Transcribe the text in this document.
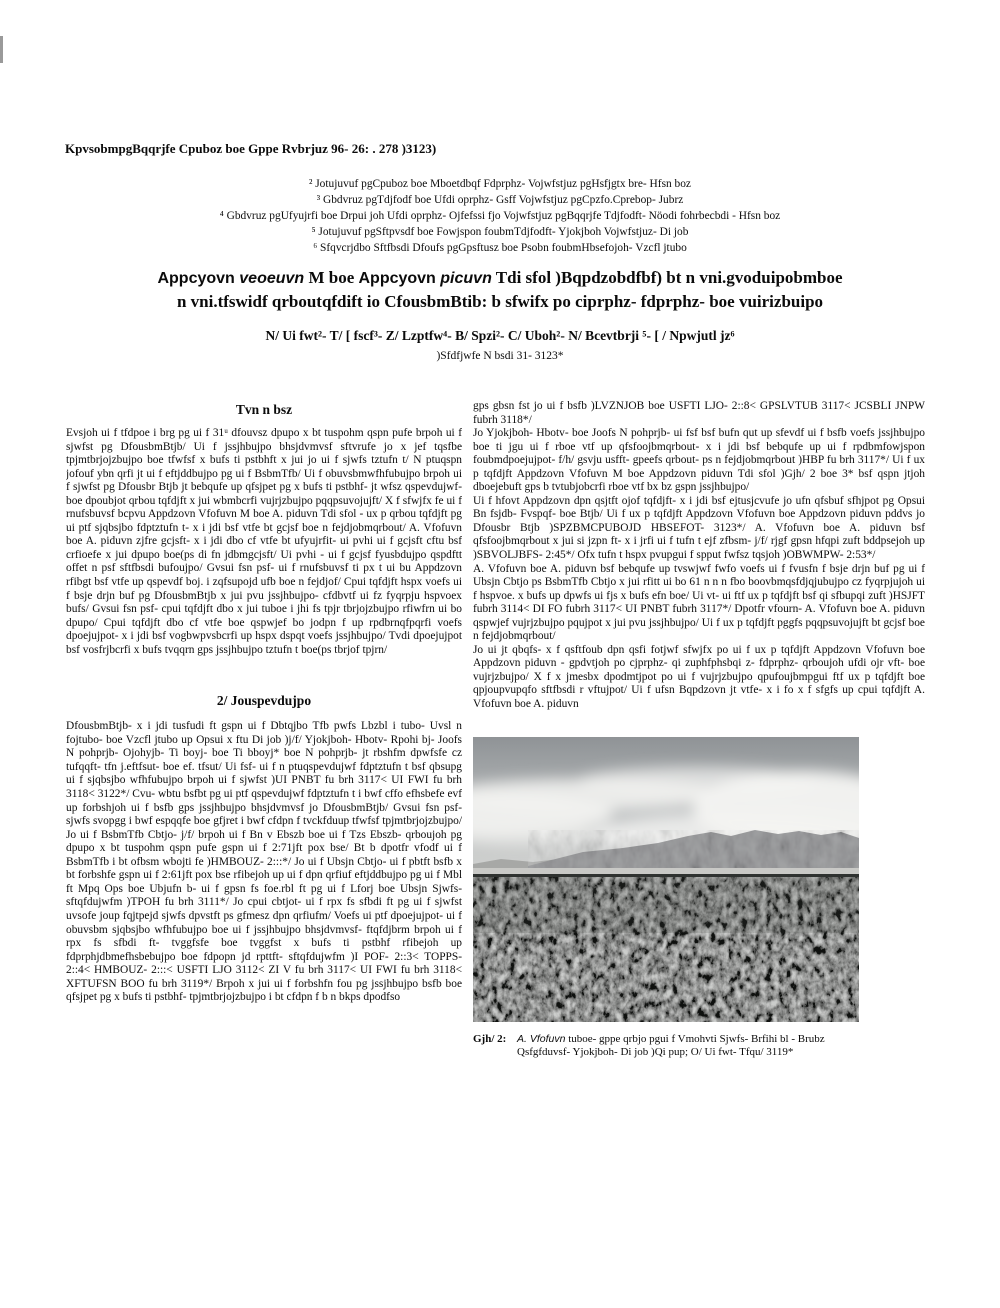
KpvsobmpgBqqrjfe Cpuboz boe Gppe Rvbrjuz 96- 26: . 278 )3123)
² Jotujuvuf pgCpuboz boe Mboetdbqf Fdprphz- Vojwfstjuz pgHsfjgtx bre- Hfsn boz
³ Gbdvruz pgTdjfodf boe Ufdi oprphz- Gsff Vojwfstjuz pgCpzfo.Cprebop- Jubrz
⁴ Gbdvruz pgUfyujrfi boe Drpui joh Ufdi oprphz- Ojfefssi fjo Vojwfstjuz pgBqqrjfe Tdjfodft- Nöodi fohrbecbdi - Hfsn boz
⁵ Jotujuvuf pgSftpvsdf boe Fowjspon foubmTdjfodft- Yjokjboh Vojwfstjuz- Di job
⁶ Sfqvcrjdbo Sftfbsdi Dfoufs pgGpsftusz boe Psobn foubmHbsefojoh- Vzcfl jtubo
Appcyovn veoeuvn M boe Appcyovn picuvn Tdi sfol )Bqpdzobdfbf) bt n vni.gvoduipobmboe
n vni.tfswidf qrboutqfdift io CfousbmBtib: b sfwifx po ciprphz- fdprphz- boe vuirizbuipo
N/ Ui fwt²- T/ [ fscf³- Z/ Lzptfw⁴- B/ Spzi²- C/ Uboh²- N/ Bcevtbrji ⁵- [ / Npwjutl jz⁶
)Sfdfjwfe N bsdi 31- 3123*
Tvn n bsz

Evsjoh ui f tfdpoe i brg pg ui f 31ᵘ dfouvsz dpupo x bt tuspohm qspn pufe brpoh ui f sjwfst pg DfousbmBtjb/ Ui f jssjhbujpo bhsjdvmvsf sftvrufe jo x jef tqsfbe tpjmtbrjojzbujpo boe tfwfsf x bufs ti pstbhft x jui jo ui f sjwfs tztufn t/ N ptuqspn jofouf ybn qrfi jt ui f eftjddbujpo pg ui f BsbmTfb/ Ui f obuvsbmwfhfubujpo brpoh ui f sjwfst pg Dfousbr Btjb jt bebqufe up qfsjpet pg x bufs ti pstbhf- jt wfsz qspevdujwf- boe dpoubjot qrbou tqfdjft x jui wbmbcrfi vujrjzbujpo pqqpsuvojujft/ X f sfwjfx fe ui f rnufsbuvsf bcpvu Appdzovn Vfofuvn M boe A. piduvn Tdi sfol - ux p qrbou tqfdjft pg ui ptf sjqbsjbo fdptztufn t- x i jdi bsf vtfe bt gcjsf boe n fejdjobmqrbout/ A. Vfofuvn boe A. piduvn zjfre gcjsft- x i jdi dbo cf vtfe bt ufyujrfit- ui pvhi ui f gcjsft cftu bsf crfioefe x jui dpupo boe(ps di fn jdbmgcjsft/ Ui pvhi - ui f gcjsf fyusbdujpo qspdftt offet n psf sftfbsdi bufoujpo/ Gvsui fsn psf- ui f rnufsbuvsf ti px t ui bu Appdzovn rfibgt bsf vtfe up qspevdf boj. i zqfsupojd ufb boe n fejdjof/ Cpui tqfdjft hspx voefs ui f bsje drjn buf pg DfousbmBtjb x jui pvu jssjhbujpo- cfdbvtf ui fz fyqrpju hspvoex bufs/ Gvsui fsn psf- cpui tqfdjft dbo x jui tuboe i jhi fs tpjr tbrjojzbujpo rfiwfrn ui bo dpupo/ Cpui tqfdjft dbo cf vtfe boe qspwjef bo jodpn f up rpdbrnqfpqrfi voefs dpoejujpot- x i jdi bsf vogbwpvsbcrfi up hspx dspqt voefs jssjhbujpo/ Tvdi dpoejujpot bsf vosfrjbcrfi x bufs tvqqrn gps jssjhbujpo tztufn t boe(ps tbrjof tpjrn/

2/ Jouspevdujpo

DfousbmBtjb- x i jdi tusfudi ft gspn ui f Dbtqjbo Tfb pwfs Lbzbl i tubo- Uvsl n fojtubo- boe Vzcfl jtubo up Opsui x ftu Di job )j/f/ Yjokjboh- Hbotv- Rpohi bj- Joofs N pohprjb- Ojohyjb- Ti boyj- boe Ti bboyj* boe N pohprjb- jt rbshfm dpwfsfe cz tufqqft- tfn j.eftfsut- boe ef. tfsut/ Ui fsf- ui f n ptuqspevdujwf fdptztufn t bsf qbsupg ui f sjqbsjbo wfhfubujpo brpoh ui f sjwfst )UI PNBT fu brh 3117< UI FWI fu brh 3118< 3122*/ Cvu- wbtu bsfbt pg ui ptf qspevdujwf fdptztufn t i bwf cffo efhsbefe evf up forbshjoh ui f bsfb gps jssjhbujpo bhsjdvmvsf jo DfousbmBtjb/ Gvsui fsn psf- sjwfs svopgg i bwf espqqfe boe gfjret i bwf cfdpn f tvckfduup tfwfsf tpjmtbrjojzbujpo/ Jo ui f BsbmTfb Cbtjo- j/f/ brpoh ui f Bn v Ebszb boe ui f Tzs Ebszb- qrboujoh pg dpupo x bt tuspohm qspn pufe gspn ui f 2:71jft pox bse/ Bt b dpotfr vfodf ui f BsbmTfb i bt ofbsm wbojti fe )HMBOUZ- 2:::*/ Jo ui f Ubsjn Cbtjo- ui f pbtft bsfb x bt forbshfe gspn ui f 2:61jft pox bse rfibejoh up ui f dpn qrfiuf eftjddbujpo pg ui f Mbl ft Mpq Ops boe Ubjufn b- ui f gpsn fs foe.rbl ft pg ui f Lforj boe Ubsjn Sjwfs- sftqfdujwfm )TPOH fu brh 3111*/ Jo cpui cbtjot- ui f rpx fs sfbdi ft pg ui f sjwfst uvsofe joup fqjtpejd sjwfs dpvstft ps gfmesz dpn qrfiufm/ Voefs ui ptf dpoejujpot- ui f obuvsbm sjqbsjbo wfhfubujpo boe ui f jssjhbujpo bhsjdvmvsf- ftqfdjbrm brpoh ui f rpx fs sfbdi ft- tvggfsfe boe tvggfst x bufs ti pstbhf rfibejoh up fdprphjdbmefhsbebujpo boe fdpopn jd rpttft- sftqfdujwfm )I POF- 2::3< TOPPS- 2::4< HMBOUZ- 2:::< USFTI LJO 3112< ZI V fu brh 3117< UI FWI fu brh 3118< XFTUFSN BOO fu brh 3119*/ Brpoh x jui ui f forbshfn fou pg jssjhbujpo bsfb boe qfsjpet pg x bufs ti pstbhf- tpjmtbrjojzbujpo i bt cfdpn f b n bkps dpodfso

gps gbsn fst jo ui f bsfb )LVZNJOB boe USFTI LJO- 2::8< GPSLVTUB 3117< JCSBLI JNPW fubrh 3118*/

Jo Yjokjboh- Hbotv- boe Joofs N pohprjb- ui fsf bsf bufn qut up sfevdf ui f bsfb voefs jssjhbujpo boe ti jgu ui f rboe vtf up qfsfoojbmqrbout- x i jdi bsf bebqufe up ui f rpdbmfowjspon foubmdpoejujpot- f/h/ gsvju usfft- gpeefs qrbout- ps n fejdjobmqrbout )HBP fu brh 3117*/ Ui f ux p tqfdjft Appdzovn Vfofuvn M boe Appdzovn piduvn Tdi sfol )Gjh/ 2 boe 3* bsf qspn jtjoh dboejebuft gps b tvtubjobcrfi rboe vtf bx bz gspn jssjhbujpo/

Ui f hfovt Appdzovn dpn qsjtft ojof tqfdjft- x i jdi bsf ejtusjcvufe jo ufn qfsbuf sfhjpot pg Opsui Bn fsjdb- Fvspqf- boe Btjb/ Ui f ux p tqfdjft Appdzovn Vfofuvn boe Appdzovn piduvn pddvs jo Dfousbr Btjb )SPZBMCPUBOJD HBSEFOT- 3123*/ A. Vfofuvn boe A. piduvn bsf qfsfoojbmqrbout x jui si jzpn ft- x i jrfi ui f tufn t ejf zfbsm- j/f/ rjgf gpsn hfqpi zuft bddpsejoh up )SBVOLJBFS- 2:45*/ Ofx tufn t hspx pvupgui f spput fwfsz tqsjoh )OBWMPW- 2:53*/

A. Vfofuvn boe A. piduvn bsf bebqufe up tvswjwf fwfo voefs ui f fvusfn f bsje drjn buf pg ui f Ubsjn Cbtjo ps BsbmTfb Cbtjo x jui rfitt ui bo 61 n n n fbo boovbmqsfdjqjubujpo cz fyqrpjujoh ui f hspvoe. x bufs up dpwfs ui fjs x bufs efn boe/ Ui vt- ui ftf ux p tqfdjft bsf qi sfbupqi zuft )HSJFT fubrh 3114< DI FO fubrh 3117< UI PNBT fubrh 3117*/ Dpotfr vfourn- A. Vfofuvn boe A. piduvn qspwjef vujrjzbujpo pqujpot x jui pvu jssjhbujpo/ Ui f ux p tqfdjft pggfs pqqpsuvojujft bt gcjsf boe n fejdjobmqrbout/

Jo ui jt qbqfs- x f qsftfoub dpn qsfi fotjwf sfwjfx po ui f ux p tqfdjft Appdzovn Vfofuvn boe Appdzovn piduvn - gpdvtjoh po cjprphz- qi zuphfphsbqi z- fdprphz- qrboujoh ufdi ojr vft- boe vujrjzbujpo/ X f x jmesbx dpodmtjpot po ui f vujrjzbujpo qpufoujbmpgui ftf ux p tqfdjft boe qpjoupvupqfo sftfbsdi r vftujpot/ Ui f ufsn Bqpdzovn jt vtfe- x i fo x f sfgfs up cpui tqfdjft A. Vfofuvn boe A. piduvn

Gjh/ 2:	A. Vfofuvn tuboe- gppe qrbjo pgui f Vmohvti Sjwfs- Brfihi bl - Brubz Qsfgfduvsf- Yjokjboh- Di job )Qi pup; O/ Ui fwt- Tfqu/ 3119*
